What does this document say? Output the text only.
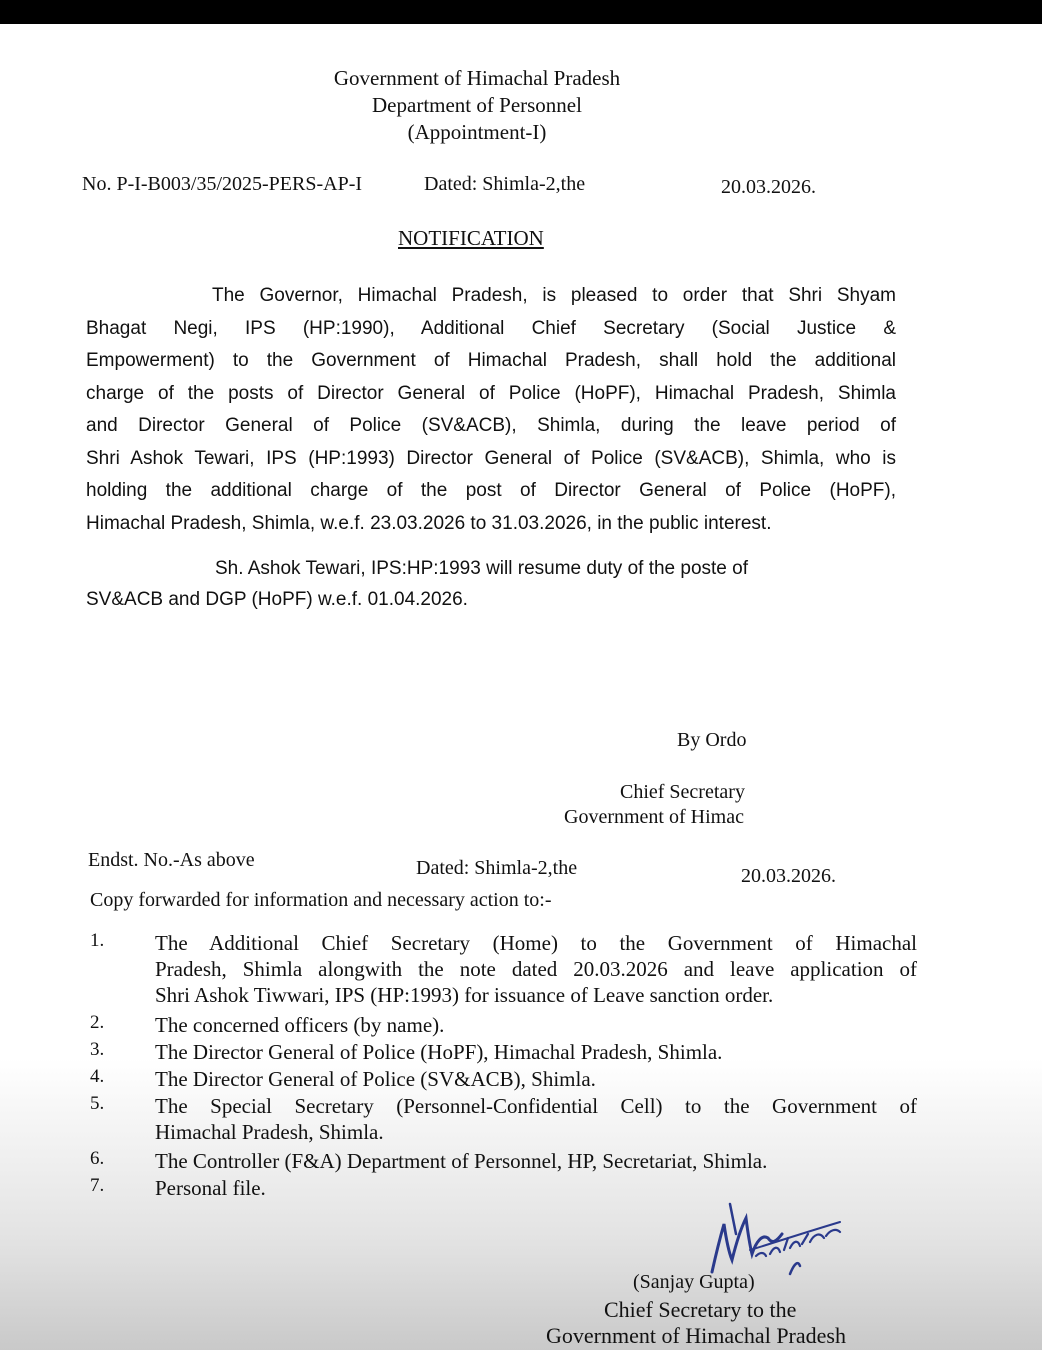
Government of Himachal Pradesh
Department of Personnel
(Appointment-I)
No. P-I-B003/35/2025-PERS-AP-I	Dated: Shimla-2,the	20.03.2026.
NOTIFICATION
The Governor, Himachal Pradesh, is pleased to order that Shri Shyam
Bhagat Negi, IPS (HP:1990), Additional Chief Secretary (Social Justice &
Empowerment) to the Government of Himachal Pradesh, shall hold the additional
charge of the posts of Director General of Police (HoPF), Himachal Pradesh, Shimla
and Director General of Police (SV&ACB), Shimla, during the leave period of
Shri Ashok Tewari, IPS (HP:1993) Director General of Police (SV&ACB), Shimla, who is
holding the additional charge of the post of Director General of Police (HoPF),
Himachal Pradesh, Shimla, w.e.f. 23.03.2026 to 31.03.2026, in the public interest.
Sh. Ashok Tewari, IPS:HP:1993 will resume duty of the poste of
SV&ACB and DGP (HoPF) w.e.f. 01.04.2026.
By Ordo
Chief Secretary
Government of Himac
Endst. No.-As above	Dated: Shimla-2,the	20.03.2026.
Copy forwarded for information and necessary action to:-
1. The Additional Chief Secretary (Home) to the Government of Himachal
Pradesh, Shimla alongwith the note dated 20.03.2026 and leave application of
Shri Ashok Tiwwari, IPS (HP:1993) for issuance of Leave sanction order.
2. The concerned officers (by name).
3. The Director General of Police (HoPF), Himachal Pradesh, Shimla.
4. The Director General of Police (SV&ACB), Shimla.
5. The Special Secretary (Personnel-Confidential Cell) to the Government of
Himachal Pradesh, Shimla.
6. The Controller (F&A) Department of Personnel, HP, Secretariat, Shimla.
7. Personal file.
(Sanjay Gupta)
Chief Secretary to the
Government of Himachal Pradesh
